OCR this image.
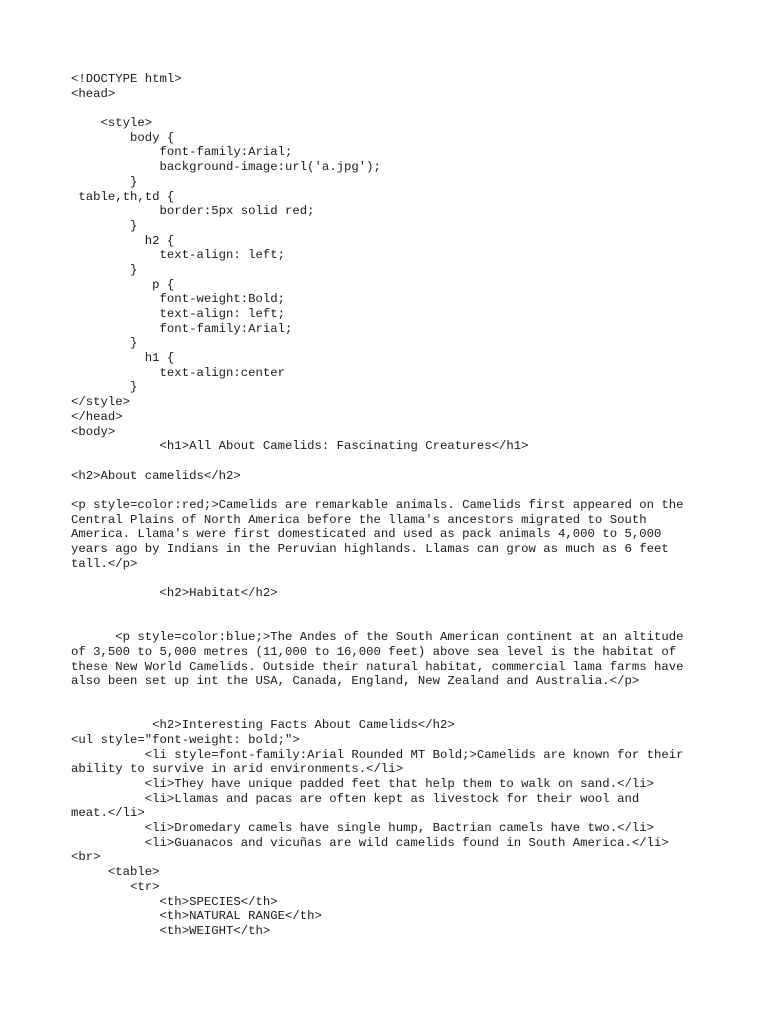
<!DOCTYPE html>
<head>
<style>
body {
font-family:Arial;
background-image:url('a.jpg');
}
table,th,td {
border:5px solid red;
}
h2 {
text-align: left;
}
p {
font-weight:Bold;
text-align: left;
font-family:Arial;
}
h1 {
text-align:center
}
</style>
</head>
<body>
<h1>All About Camelids: Fascinating Creatures</h1>
<h2>About camelids</h2>
<p style=color:red;>Camelids are remarkable animals. Camelids first appeared on the
Central Plains of North America before the llama's ancestors migrated to South
America. Llama's were first domesticated and used as pack animals 4,000 to 5,000
years ago by Indians in the Peruvian highlands. Llamas can grow as much as 6 feet
tall.</p>
<h2>Habitat</h2>
<p style=color:blue;>The Andes of the South American continent at an altitude
of 3,500 to 5,000 metres (11,000 to 16,000 feet) above sea level is the habitat of
these New World Camelids. Outside their natural habitat, commercial lama farms have
also been set up int the USA, Canada, England, New Zealand and Australia.</p>
<h2>Interesting Facts About Camelids</h2>
<ul style="font-weight: bold;">
<li style=font-family:Arial Rounded MT Bold;>Camelids are known for their
ability to survive in arid environments.</li>
<li>They have unique padded feet that help them to walk on sand.</li>
<li>Llamas and pacas are often kept as livestock for their wool and
meat.</li>
<li>Dromedary camels have single hump, Bactrian camels have two.</li>
<li>Guanacos and vicuñas are wild camelids found in South America.</li>
<br>
<table>
<tr>
<th>SPECIES</th>
<th>NATURAL RANGE</th>
<th>WEIGHT</th>
